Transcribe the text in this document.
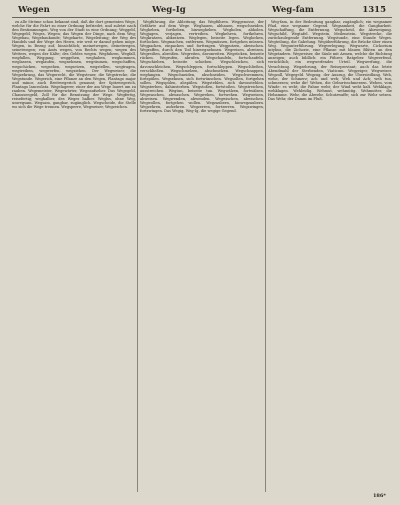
Wegen	Weg-Ig	Weg-fam	1315

zu alle Ströme schon bekannt sind, daß die dort gemeinten Wege, welche für die Fahrt zu einer Ordnung befriedet, und zuletzt nach den Bestimmungen. Weg von der Stadt in eine Ordnung; Weggeld, Wegegeld, Weges, Wegen; das Wegen der Dinge, nach dem Weg; Wegebau, Wegebaukunde; Wegekarte, Wegeleitung; der Weg des Handels und der Wege des Herrn, wie weit er darauf gehen möge. Wegen, in Bezug auf, hinsichtlich; meinetwegen, deinetwegen, seinetwegen; von Amts wegen, von Rechts wegen; wegen des Wetters, wegen der Kälte; des Geldes wegen. Wegfahren, Wegfall, wegfallen, Weggang, weggehen, weghaben, wegkommen, weglassen, weglaufen, wegnehmen, wegräumen, wegschaffen, wegschicken, wegsehen, wegsetzen, wegstellen, wegtragen, wegtreiben, wegwerfen, wegziehen. Der Wegweiser, die Wegzehrung, das Wegerecht, die Wegsteuer, die Wegstrecke, die Wegstunde. Wegerich, eine Pflanze an den Wegen, Plantago major und minor, auch Breitwegerich genannt; der Spitzwegerich, Plantago lanceolata. Wegelagerer, einer der am Wege lauert um zu rauben. Wegemeister, Wegewärter, Wegeaufseher. Das Wegegeld, Chausseegeld, Zoll für die Benutzung der Wege. Wegfertig, reisefertig; weghalber, des Weges halber. Weglos, ohne Weg, unwegsam. Wegsam, gangbar, zugänglich. Wegscheide, die Stelle wo sich die Wege trennen. Wegsperre, Wegweiser, Wegzeichen.

Wegführung, die Ableitung; das Wegführen. Weggenosse, der Gefährte auf dem Wege. Weghauen, abhauen, wegschneiden. Wegheben, fortheben, hinwegheben. Wegholen, abholen. Wegjagen, verjagen, vertreiben. Wegkehren, fortkehren. Wegkratzen, abkratzen. Weglegen, beiseite legen. Weglocken, fortlocken. Wegmachen, entfernen. Wegmüssen, fortgehen müssen. Wegpacken, einpacken und forttragen. Wegputzen, abwischen. Wegraffen, durch den Tod hinwegnehmen. Wegreisen, abreisen. Wegreißen, abreißen. Wegreiten, davonreiten. Wegrücken, beiseite rücken. Wegrufen, abrufen. Wegschaufeln, fortschaufeln. Wegschieben, beiseite schieben. Wegschleichen, sich davonschleichen. Wegschleppen, fortschleppen. Wegschließen, verschließen. Wegschmelzen, abschmelzen. Wegschnappen, wegfangen. Wegschneiden, abschneiden. Wegschwemmen, fortspülen. Wegsehnen, sich fortwünschen. Wegsollen, fortgehen sollen. Wegspülen, abspülen. Wegstehlen, sich davonstehlen. Wegsterben, dahinsterben. Wegstoßen, fortstoßen. Wegstreichen, ausstreichen. Wegtun, beiseite tun. Wegwälzen, fortwälzen. Wegwaschen, abwaschen. Wegwehen, fortwehen. Wegweisen, abweisen. Wegwenden, abwenden. Wegwischen, abwischen. Wegwollen, fortgehen wollen. Wegzaubern, hinwegzaubern. Wegzehren, aufzehren. Wegzerren, fortzerren. Wegzwingen, fortzwingen. Das Wegig, Weg-Ig, die wegige Gegend.

Weg-fam, in der Bedeutung gangbar, zugänglich; ein wegsamer Pfad, eine wegsame Gegend. Wegsamkeit, die Gangbarkeit. Wegschaffung, die Entfernung. Wegscheid, die Abzweigung. Wegschild, Wegtafel. Wegstein, Meilenstein. Wegstrecke, die zurückzulegende Entfernung. Wegstunde, eine Stunde Weges. Wegteilung, die Gabelung. Wegüberführung, die Brücke über einen Weg. Wegunterführung. Wegverlegung. Wegwarte, Cichorium intybus, die Zichorie, eine Pflanze mit blauen Blüten an den Wegrändern. Wegweiser, die Säule mit Armen, welche die Richtung anzeigen; auch bildlich: ein Führer, Ratgeber. Wegwerfend, verächtlich; ein wegwerfendes Urteil. Wegwerfung, die Verachtung. Wegzehrung, der Reiseproviant; auch das letzte Abendmahl der Sterbenden, Viaticum. Wegzeiger, Wegweiser. Wegzoll, Wegegeld. Wegzug, der Auszug, die Übersiedlung. Weh, wehe, der Schmerz; ach und weh; Weh und Ach; weh tun, schmerzen; wehe dir! Wehen, die Geburtsschmerzen. Wehen, vom Winde: es weht; die Fahne weht; der Wind weht kalt. Wehklage, wehklagen. Wehleidig. Wehmut, wehmütig. Wehmutter, die Hebamme. Wehr, die Abwehr, Schutzwaffe; sich zur Wehr setzen. Das Wehr, der Damm im Fluß.

186*
